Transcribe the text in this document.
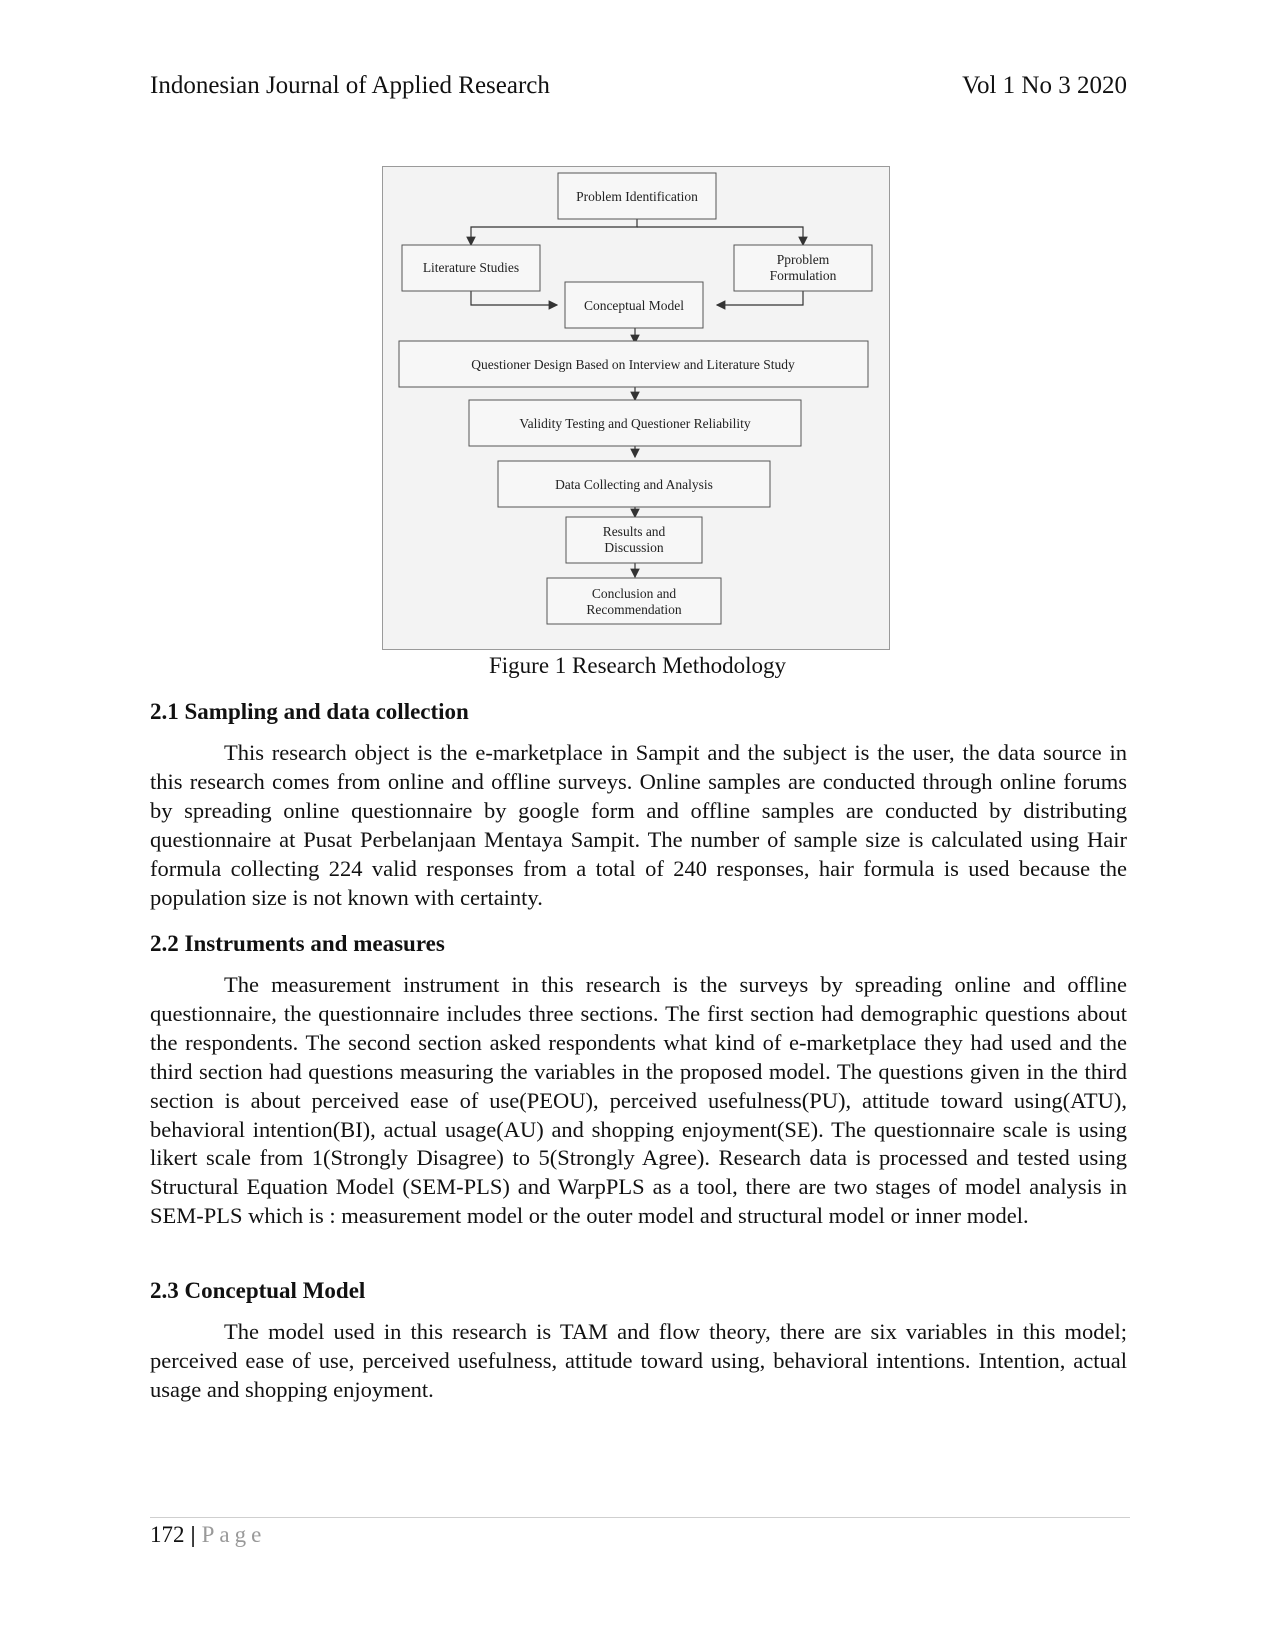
Indonesian Journal of Applied Research	Vol 1 No 3 2020
Problem Identification
Literature Studies
Pproblem
Formulation
Conceptual Model
Questioner Design Based on Interview and Literature Study
Validity Testing and Questioner Reliability
Data Collecting and Analysis
Results and
Discussion
Conclusion and
Recommendation
Figure 1 Research Methodology
2.1 Sampling and data collection

This research object is the e-marketplace in Sampit and the subject is the user, the data source in this research comes from online and offline surveys. Online samples are conducted through online forums by spreading online questionnaire by google form and offline samples are conducted by distributing questionnaire at Pusat Perbelanjaan Mentaya Sampit. The number of sample size is calculated using Hair formula collecting 224 valid responses from a total of 240 responses, hair formula is used because the population size is not known with certainty.

2.2 Instruments and measures

The measurement instrument in this research is the surveys by spreading online and offline questionnaire, the questionnaire includes three sections. The first section had demographic questions about the respondents. The second section asked respondents what kind of e-marketplace they had used and the third section had questions measuring the variables in the proposed model. The questions given in the third section is about perceived ease of use(PEOU), perceived usefulness(PU), attitude toward using(ATU), behavioral intention(BI), actual usage(AU) and shopping enjoyment(SE). The questionnaire scale is using likert scale from 1(Strongly Disagree) to 5(Strongly Agree). Research data is processed and tested using Structural Equation Model (SEM-PLS) and WarpPLS as a tool, there are two stages of model analysis in SEM-PLS which is : measurement model or the outer model and structural model or inner model.

2.3 Conceptual Model

The model used in this research is TAM and flow theory, there are six variables in this model; perceived ease of use, perceived usefulness, attitude toward using, behavioral intentions. Intention, actual usage and shopping enjoyment.

172 | Page
